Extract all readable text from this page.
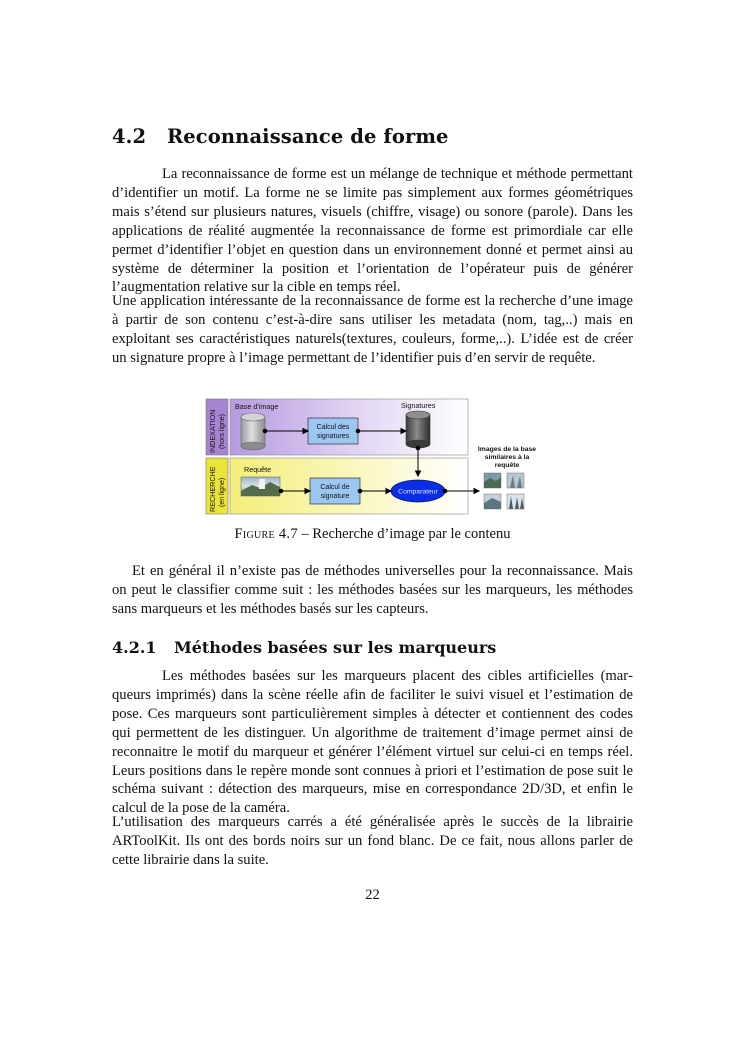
4.2 Reconnaissance de forme

La reconnaissance de forme est un mélange de technique et méthode permettant d’identifier un motif. La forme ne se limite pas simplement aux formes géométriques mais s’étend sur plusieurs natures, visuels (chiffre, visage) ou sonore (parole). Dans les applications de réalité augmentée la reconnaissance de forme est primordiale car elle permet d’identifier l’objet en question dans un environnement donné et permet ainsi au système de déterminer la position et l’orientation de l’opérateur puis de générer l’augmentation relative sur la cible en temps réel.

Une application intéressante de la reconnaissance de forme est la recherche d’une image à partir de son contenu c’est-à-dire sans utiliser les metadata (nom, tag,..) mais en exploitant ses caractéristiques naturels(textures, couleurs, forme,..). L’idée est de créer un signature propre à l’image permettant de l’identifier puis d’en servir de requête.

Et en général il n’existe pas de méthodes universelles pour la reconnaissance. Mais on peut le classifier comme suit : les méthodes basées sur les marqueurs, les méthodes sans marqueurs et les méthodes basés sur les capteurs.

4.2.1 Méthodes basées sur les marqueurs

Les méthodes basées sur les marqueurs placent des cibles artificielles (marqueurs imprimés) dans la scène réelle afin de faciliter le suivi visuel et l’estimation de pose. Ces marqueurs sont particulièrement simples à détecter et contiennent des codes qui permettent de les distinguer. Un algorithme de traitement d’image permet ainsi de reconnaitre le motif du marqueur et générer l’élément virtuel sur celui-ci en temps réel. Leurs positions dans le repère monde sont connues à priori et l’estimation de pose suit le schéma suivant : détection des marqueurs, mise en correspondance 2D/3D, et enfin le calcul de la pose de la caméra.

L’utilisation des marqueurs carrés a été généralisée après le succès de la librairie ARToolKit. Ils ont des bords noirs sur un fond blanc. De ce fait, nous allons parler de cette librairie dans la suite.

Figure 4.7 – Recherche d’image par le contenu
22
INDEXATION (hors ligne)
RECHERCHE (en ligne)
Base d'image	Signatures
Requête
Calcul des
signatures
Calcul de
signature
Comparateur
Images de la base
similaires à la
requête
